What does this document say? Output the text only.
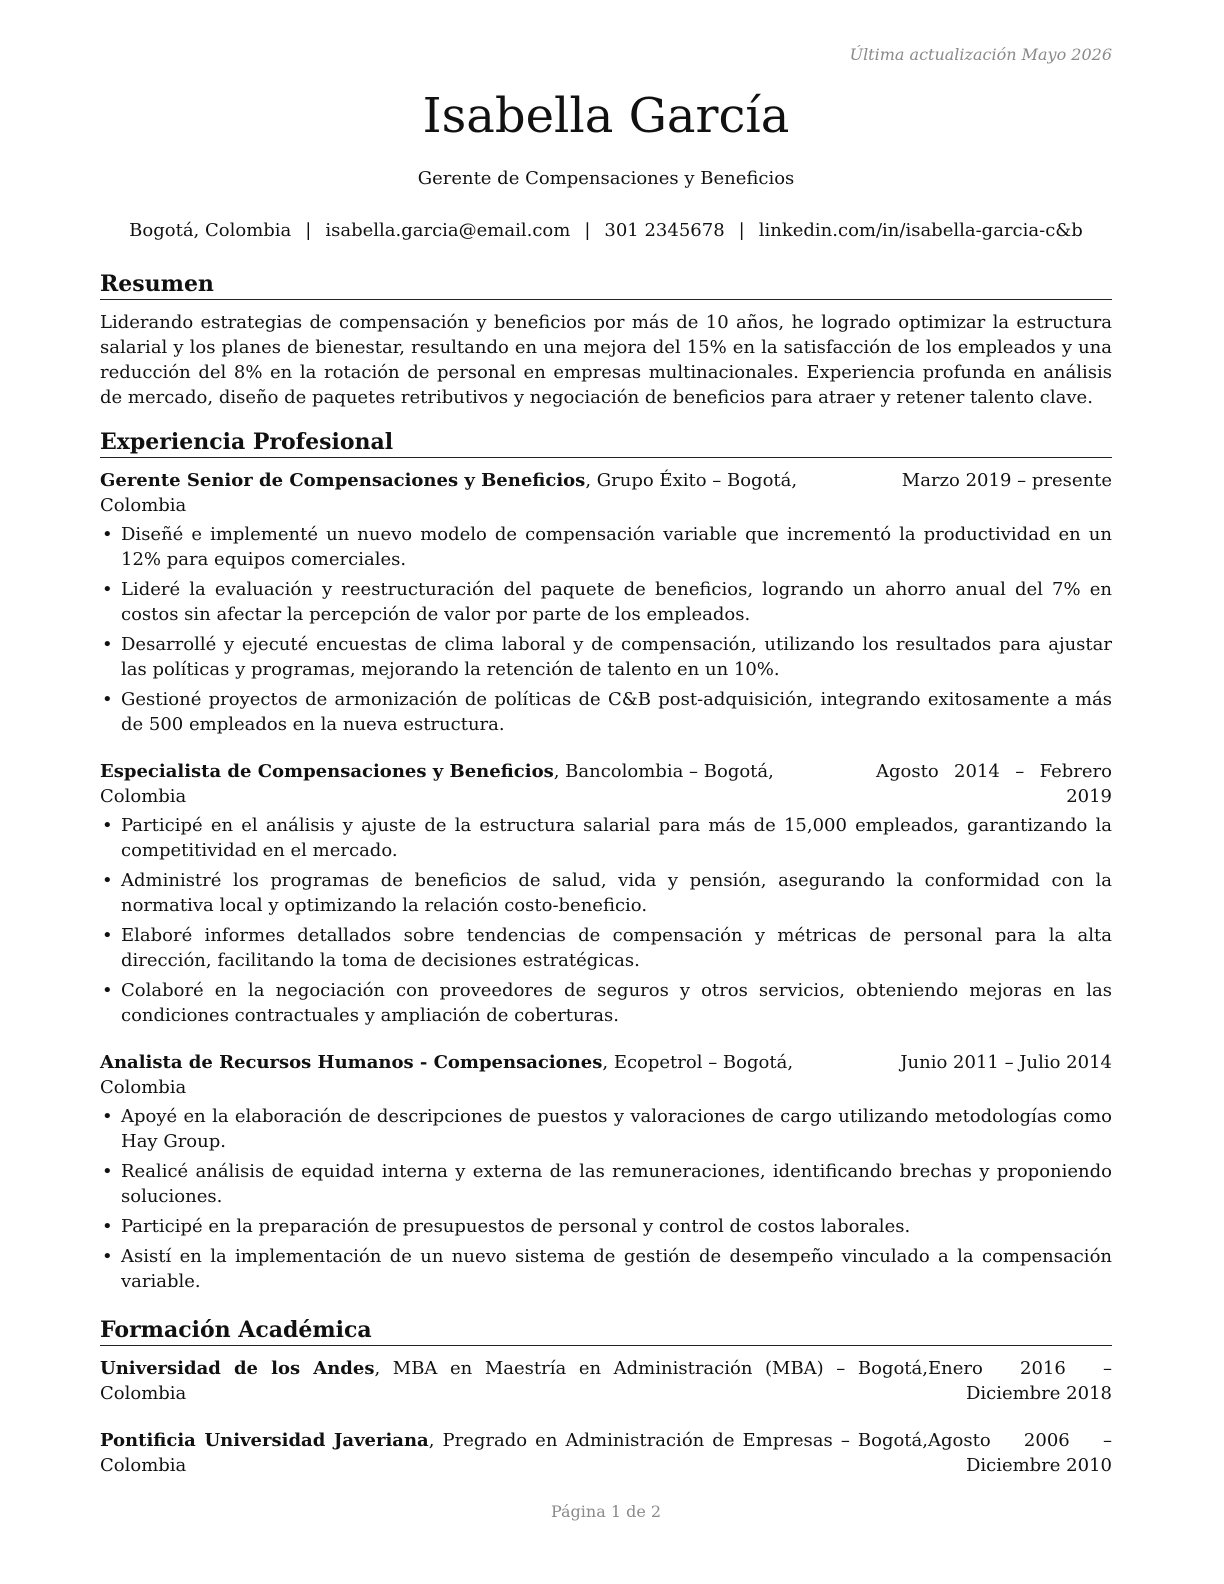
Última actualización Mayo 2026
Isabella García
Gerente de Compensaciones y Beneficios
Bogotá, Colombia | isabella.garcia@email.com | 301 2345678 | linkedin.com/in/isabella-garcia-c&b
Resumen

Liderando estrategias de compensación y beneficios por más de 10 años, he logrado optimizar la estructura salarial y los planes de bienestar, resultando en una mejora del 15% en la satisfacción de los empleados y una reducción del 8% en la rotación de personal en empresas multinacionales. Experiencia profunda en análisis de mercado, diseño de paquetes retributivos y negociación de beneficios para atraer y retener talento clave.

Experiencia Profesional
Gerente Senior de Compensaciones y Beneficios, Grupo Éxito – Bogotá, Colombia
Marzo 2019 – presente
• Diseñé e implementé un nuevo modelo de compensación variable que incrementó la productividad en un 12% para equipos comerciales.
• Lideré la evaluación y reestructuración del paquete de beneficios, logrando un ahorro anual del 7% en costos sin afectar la percepción de valor por parte de los empleados.
• Desarrollé y ejecuté encuestas de clima laboral y de compensación, utilizando los resultados para ajustar las políticas y programas, mejorando la retención de talento en un 10%.
• Gestioné proyectos de armonización de políticas de C&B post-adquisición, integrando exitosamente a más de 500 empleados en la nueva estructura.
Especialista de Compensaciones y Beneficios, Bancolombia – Bogotá, Colombia
Agosto 2014 – Febrero 2019
• Participé en el análisis y ajuste de la estructura salarial para más de 15,000 empleados, garantizando la competitividad en el mercado.
• Administré los programas de beneficios de salud, vida y pensión, asegurando la conformidad con la normativa local y optimizando la relación costo-beneficio.
• Elaboré informes detallados sobre tendencias de compensación y métricas de personal para la alta dirección, facilitando la toma de decisiones estratégicas.
• Colaboré en la negociación con proveedores de seguros y otros servicios, obteniendo mejoras en las condiciones contractuales y ampliación de coberturas.
Analista de Recursos Humanos - Compensaciones, Ecopetrol – Bogotá, Colombia
Junio 2011 – Julio 2014
• Apoyé en la elaboración de descripciones de puestos y valoraciones de cargo utilizando metodologías como Hay Group.
• Realicé análisis de equidad interna y externa de las remuneraciones, identificando brechas y proponiendo soluciones.
• Participé en la preparación de presupuestos de personal y control de costos laborales.
• Asistí en la implementación de un nuevo sistema de gestión de desempeño vinculado a la compensación variable.
Formación Académica
Universidad de los Andes, MBA en Maestría en Administración (MBA) – Bogotá, Colombia
Enero 2016 – Diciembre 2018
Pontificia Universidad Javeriana, Pregrado en Administración de Empresas – Bogotá, Colombia
Agosto 2006 – Diciembre 2010
Página 1 de 2
